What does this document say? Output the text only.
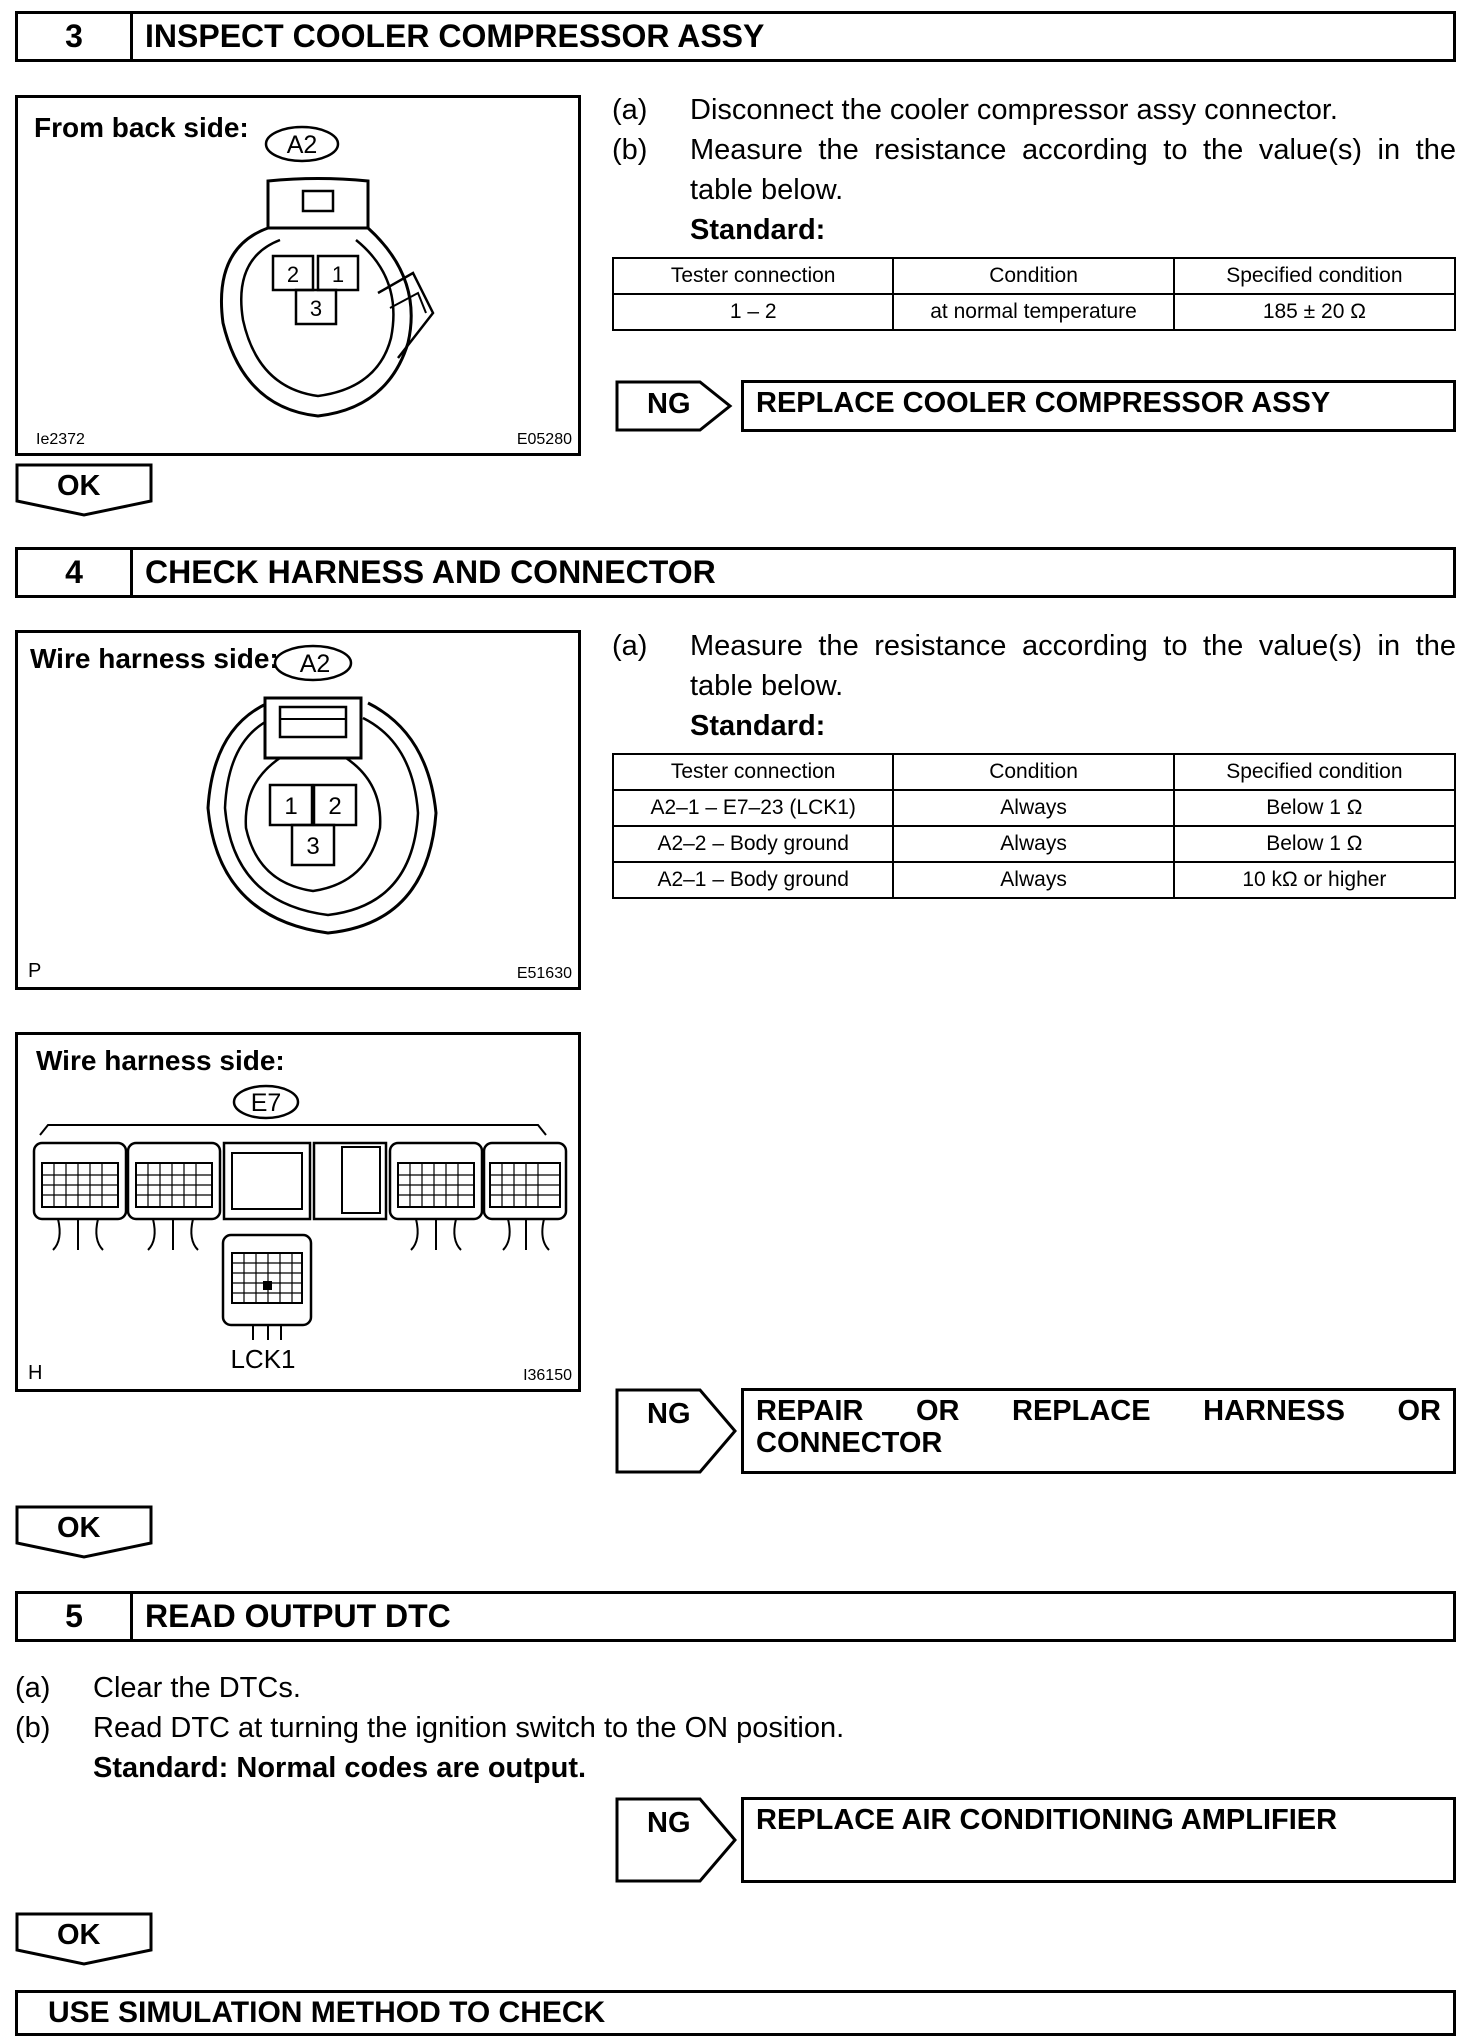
3	INSPECT COOLER COMPRESSOR ASSY
From back side:
A2
2 1
3
Ie2372	E05280
(a) Disconnect the cooler compressor assy connector.
(b) Measure the resistance according to the value(s) in the table below.
Standard:
Tester connection	Condition	Specified condition
1 – 2	at normal temperature	185 ± 20 Ω
NG	REPLACE COOLER COMPRESSOR ASSY
OK
4	CHECK HARNESS AND CONNECTOR
Wire harness side: A2
1 2
3
P	E51630
Wire harness side:
E7
LCK1
H	I36150
(a) Measure the resistance according to the value(s) in the table below.
Standard:
Tester connection	Condition	Specified condition
A2–1 – E7–23 (LCK1)	Always	Below 1 Ω
A2–2 – Body ground	Always	Below 1 Ω
A2–1 – Body ground	Always	10 kΩ or higher
NG	REPAIR OR REPLACE HARNESS OR CONNECTOR
OK
5	READ OUTPUT DTC
(a) Clear the DTCs.
(b) Read DTC at turning the ignition switch to the ON position.
Standard: Normal codes are output.
NG	REPLACE AIR CONDITIONING AMPLIFIER
OK
USE SIMULATION METHOD TO CHECK
